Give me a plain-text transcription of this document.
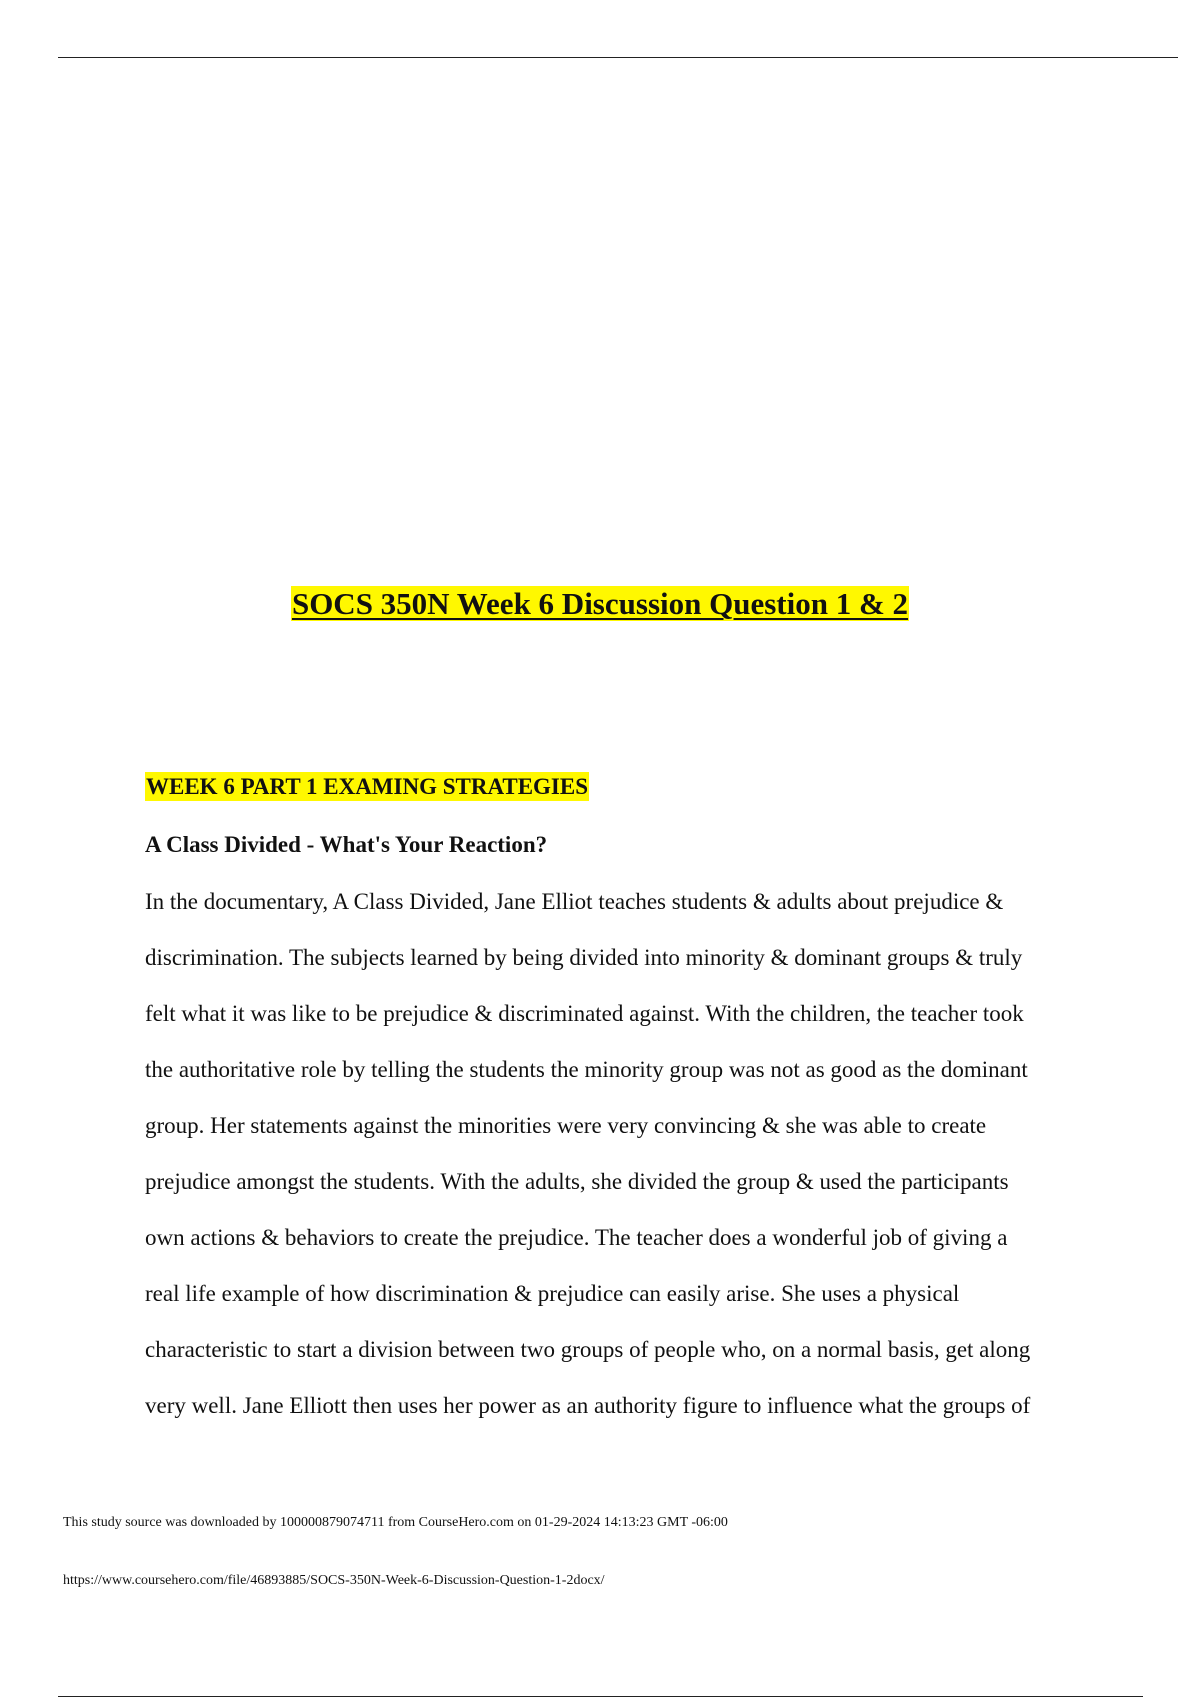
SOCS 350N Week 6 Discussion Question 1 & 2
WEEK 6 PART 1 EXAMING STRATEGIES
A Class Divided - What's Your Reaction?
In the documentary, A Class Divided, Jane Elliot teaches students & adults about prejudice &
discrimination. The subjects learned by being divided into minority & dominant groups & truly
felt what it was like to be prejudice & discriminated against. With the children, the teacher took
the authoritative role by telling the students the minority group was not as good as the dominant
group. Her statements against the minorities were very convincing & she was able to create
prejudice amongst the students. With the adults, she divided the group & used the participants
own actions & behaviors to create the prejudice. The teacher does a wonderful job of giving a
real life example of how discrimination & prejudice can easily arise. She uses a physical
characteristic to start a division between two groups of people who, on a normal basis, get along
very well. Jane Elliott then uses her power as an authority figure to influence what the groups of
This study source was downloaded by 100000879074711 from CourseHero.com on 01-29-2024 14:13:23 GMT -06:00
https://www.coursehero.com/file/46893885/SOCS-350N-Week-6-Discussion-Question-1-2docx/
